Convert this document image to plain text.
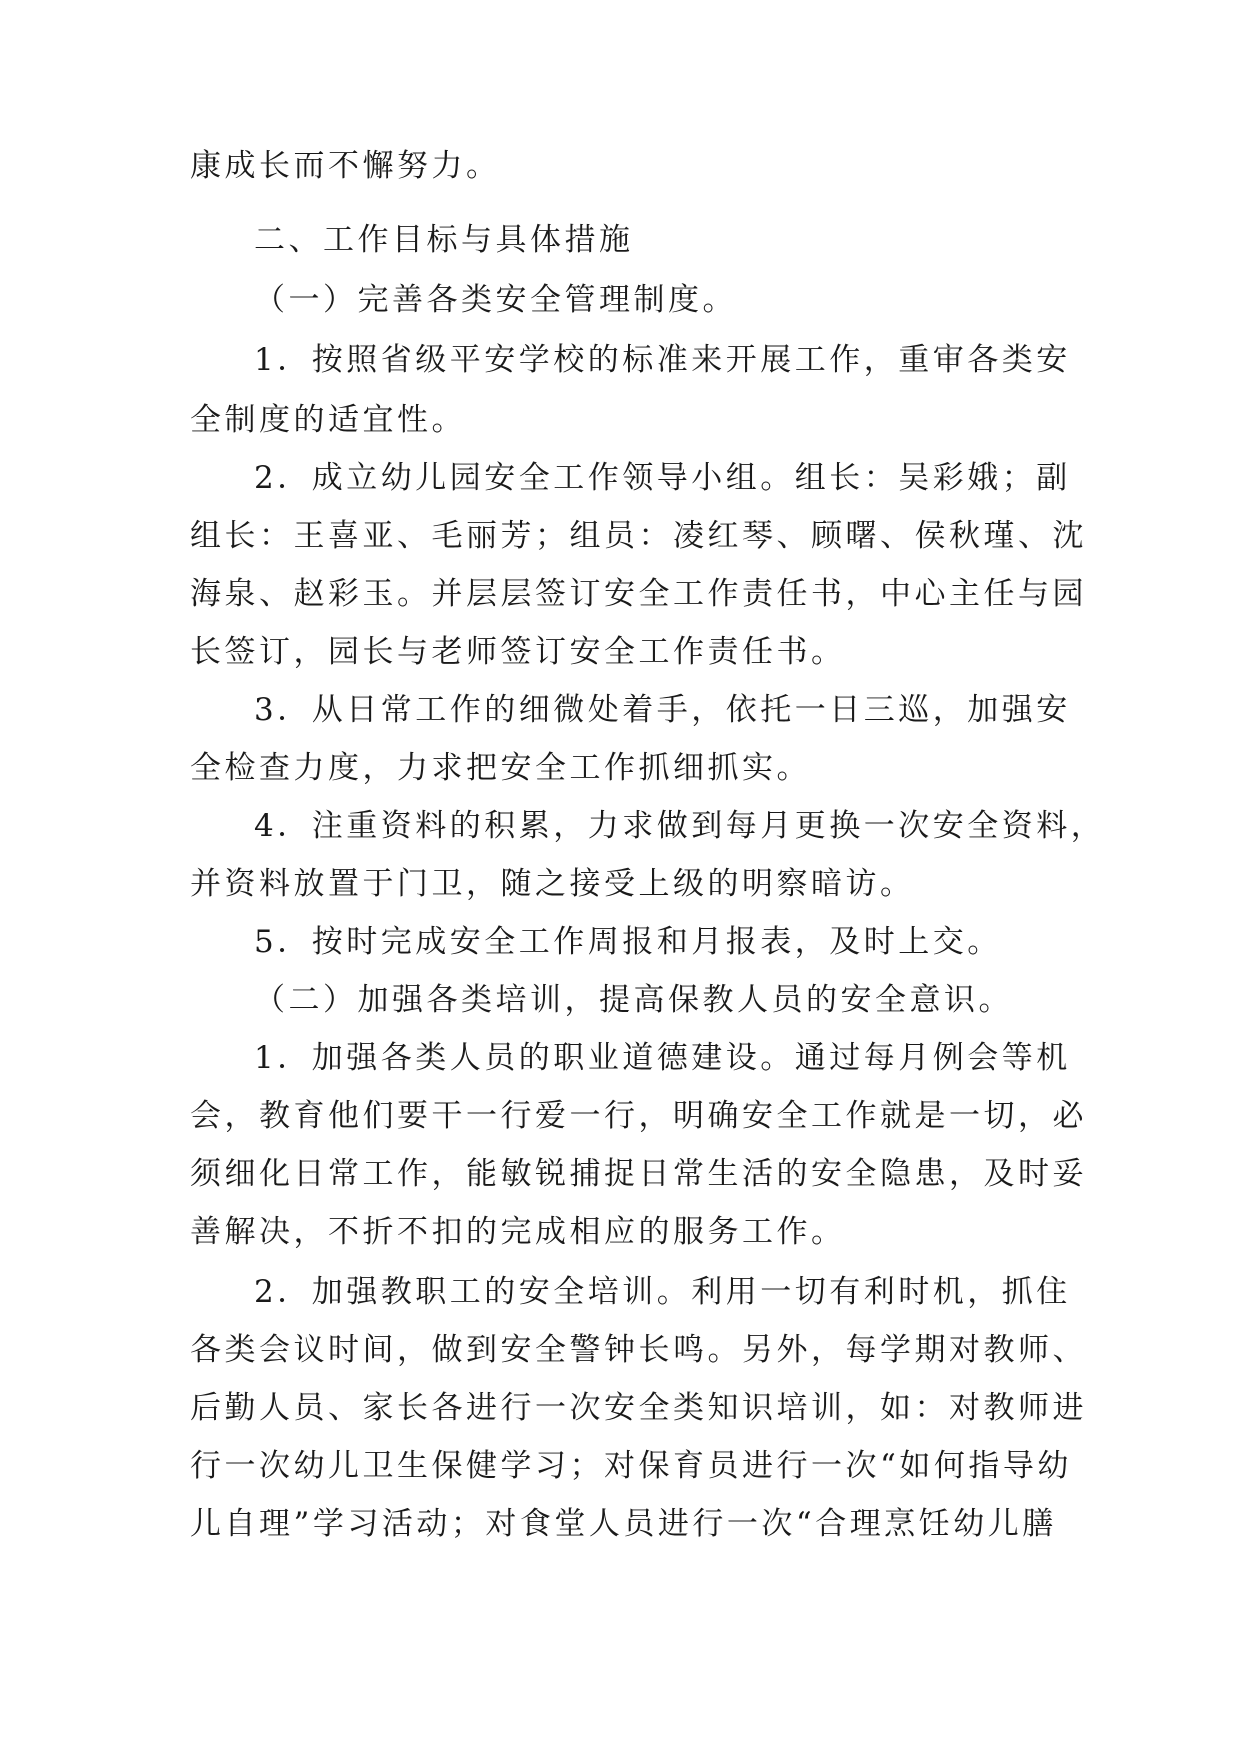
康成长而不懈努力。
二、工作目标与具体措施
（一）完善各类安全管理制度。
1．按照省级平安学校的标准来开展工作，重审各类安
全制度的适宜性。
2．成立幼儿园安全工作领导小组。组长：吴彩娥；副
组长：王喜亚、毛丽芳；组员：凌红琴、顾曙、侯秋瑾、沈
海泉、赵彩玉。并层层签订安全工作责任书，中心主任与园
长签订，园长与老师签订安全工作责任书。
3．从日常工作的细微处着手，依托一日三巡，加强安
全检查力度，力求把安全工作抓细抓实。
4．注重资料的积累，力求做到每月更换一次安全资料，
并资料放置于门卫，随之接受上级的明察暗访。
5．按时完成安全工作周报和月报表，及时上交。
（二）加强各类培训，提高保教人员的安全意识。
1．加强各类人员的职业道德建设。通过每月例会等机
会，教育他们要干一行爱一行，明确安全工作就是一切，必
须细化日常工作，能敏锐捕捉日常生活的安全隐患，及时妥
善解决，不折不扣的完成相应的服务工作。
2．加强教职工的安全培训。利用一切有利时机，抓住
各类会议时间，做到安全警钟长鸣。另外，每学期对教师、
后勤人员、家长各进行一次安全类知识培训，如：对教师进
行一次幼儿卫生保健学习；对保育员进行一次“如何指导幼
儿自理”学习活动；对食堂人员进行一次“合理烹饪幼儿膳
